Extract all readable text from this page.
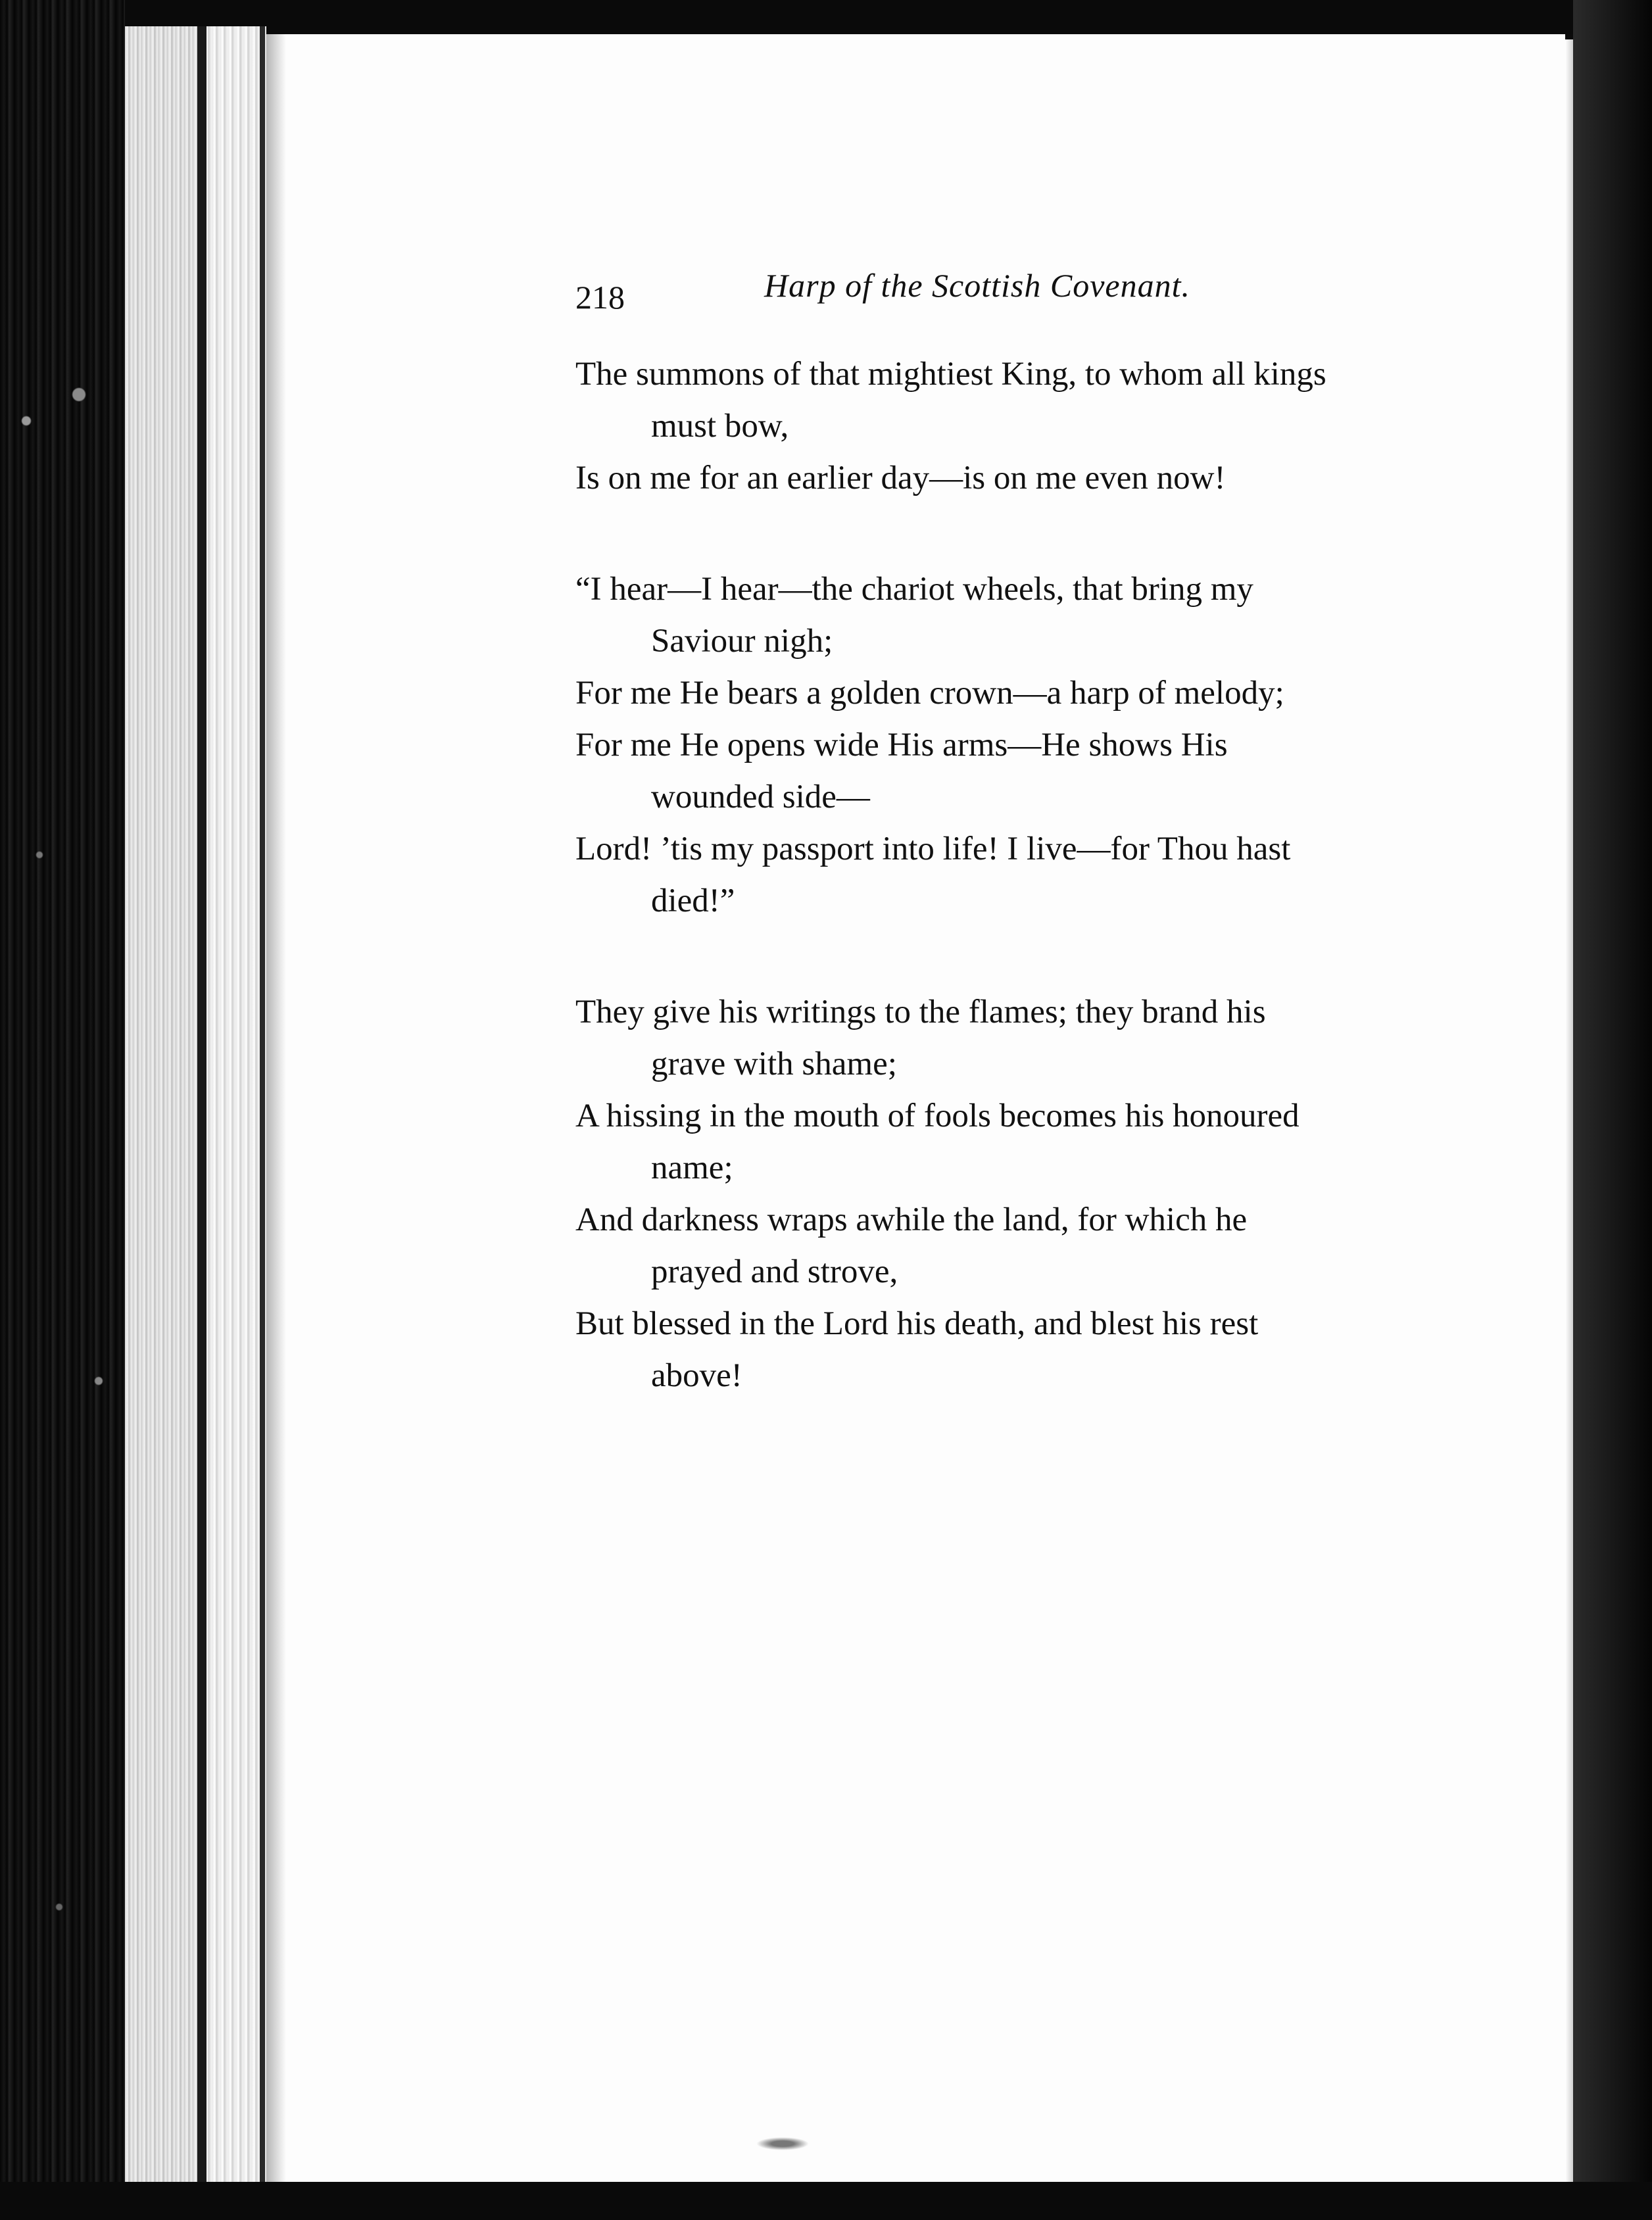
218	Harp of the Scottish Covenant.
The summons of that mightiest King, to whom all kings
must bow,
Is on me for an earlier day—is on me even now!
“I hear—I hear—the chariot wheels, that bring my
Saviour nigh;
For me He bears a golden crown—a harp of melody;
For me He opens wide His arms—He shows His
wounded side—
Lord! ’tis my passport into life! I live—for Thou hast
died!”
They give his writings to the flames; they brand his
grave with shame;
A hissing in the mouth of fools becomes his honoured
name;
And darkness wraps awhile the land, for which he
prayed and strove,
But blessed in the Lord his death, and blest his rest
above!
